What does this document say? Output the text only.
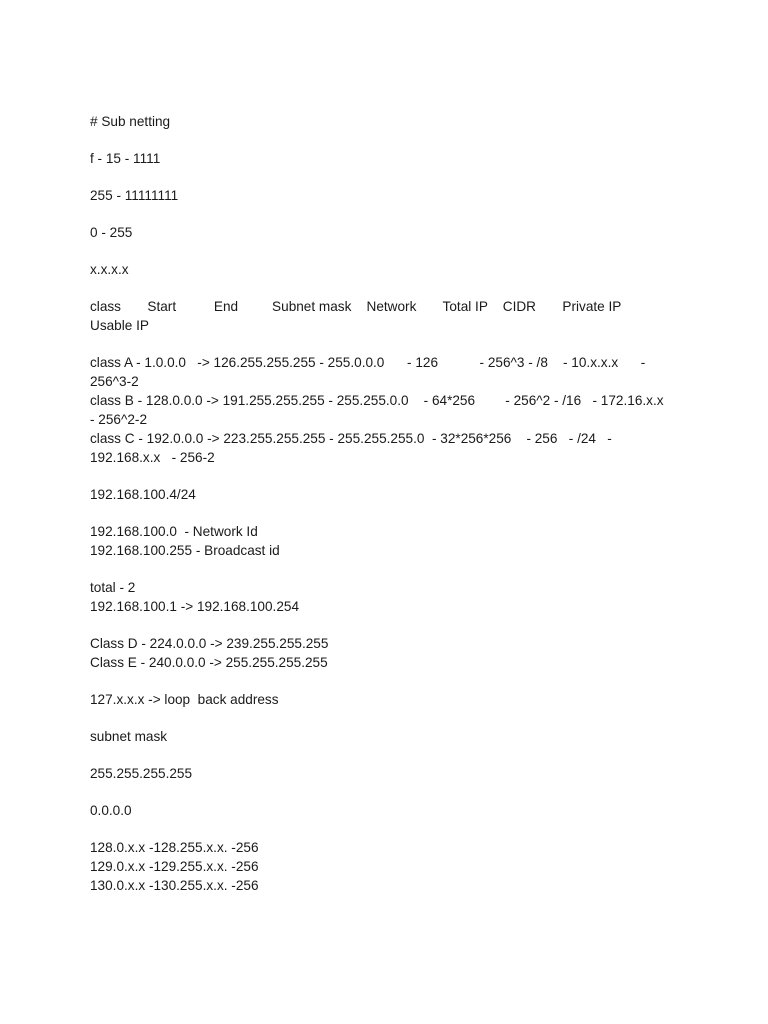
# Sub netting
f - 15 - 1111
255 - 11111111
0 - 255
x.x.x.x
class       Start          End         Subnet mask    Network       Total IP    CIDR       Private IP
Usable IP
class A - 1.0.0.0   -> 126.255.255.255 - 255.0.0.0      - 126           - 256^3 - /8    - 10.x.x.x      -
256^3-2
class B - 128.0.0.0 -> 191.255.255.255 - 255.255.0.0    - 64*256        - 256^2 - /16   - 172.16.x.x
- 256^2-2
class C - 192.0.0.0 -> 223.255.255.255 - 255.255.255.0  - 32*256*256    - 256   - /24   -
192.168.x.x   - 256-2
192.168.100.4/24
192.168.100.0  - Network Id
192.168.100.255 - Broadcast id
total - 2
192.168.100.1 -> 192.168.100.254
Class D - 224.0.0.0 -> 239.255.255.255
Class E - 240.0.0.0 -> 255.255.255.255
127.x.x.x -> loop  back address
subnet mask
255.255.255.255
0.0.0.0
128.0.x.x -128.255.x.x. -256
129.0.x.x -129.255.x.x. -256
130.0.x.x -130.255.x.x. -256
